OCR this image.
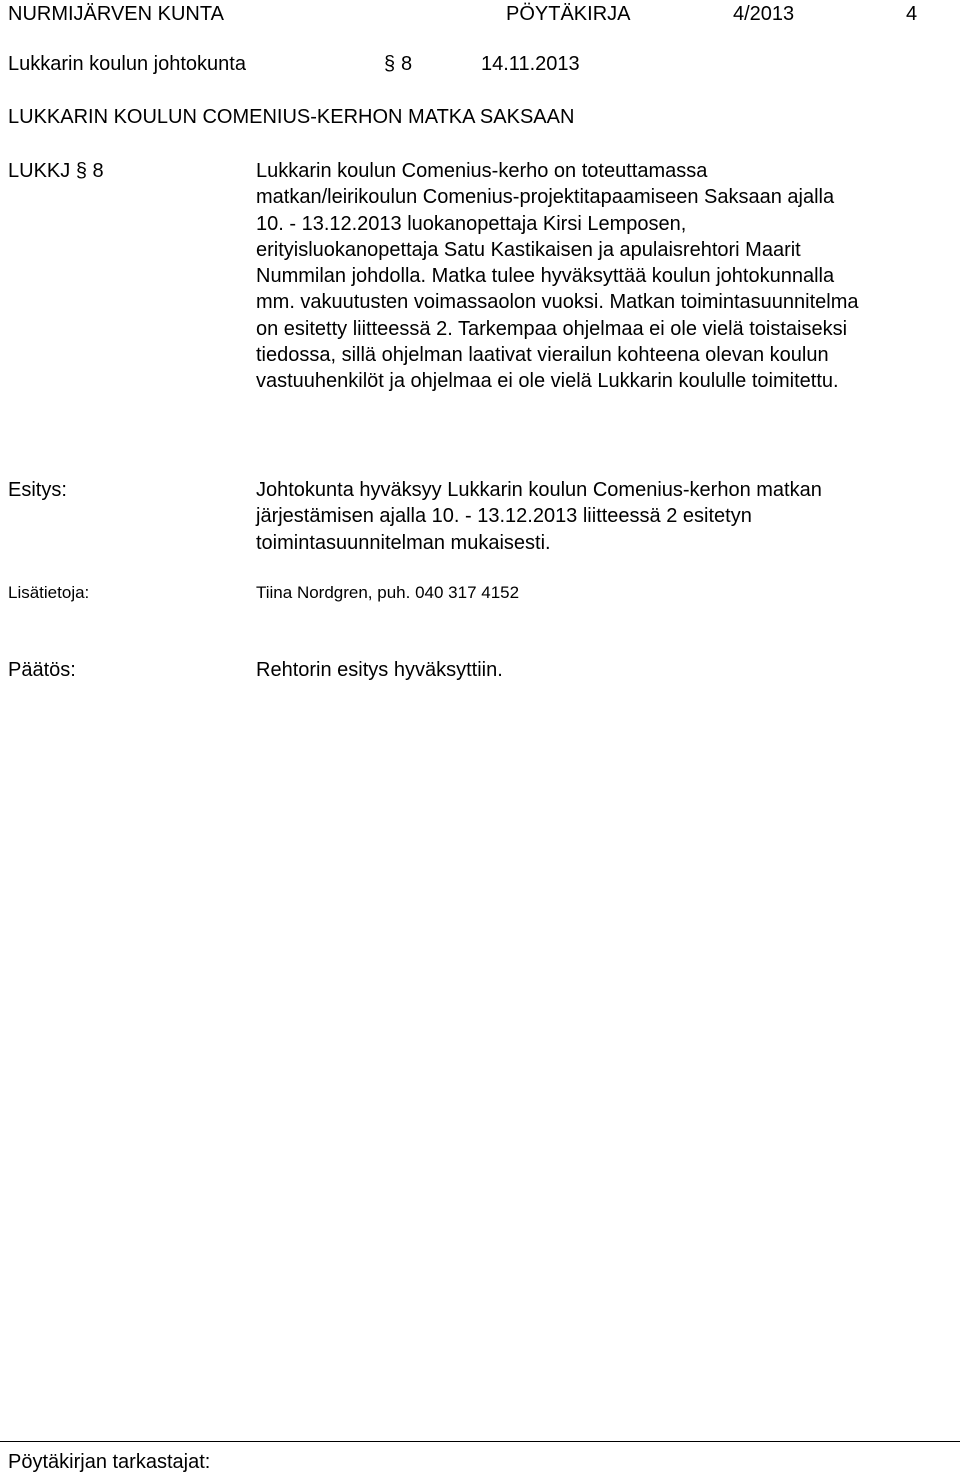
NURMIJÄRVEN KUNTA	PÖYTÄKIRJA	4/2013	4
Lukkarin koulun johtokunta	§ 8	14.11.2013
LUKKARIN KOULUN COMENIUS-KERHON MATKA SAKSAAN
LUKKJ § 8	Lukkarin koulun Comenius-kerho on toteuttamassa
matkan/leirikoulun Comenius-projektitapaamiseen Saksaan ajalla
10. - 13.12.2013 luokanopettaja Kirsi Lemposen,
erityisluokanopettaja Satu Kastikaisen ja apulaisrehtori Maarit
Nummilan johdolla. Matka tulee hyväksyttää koulun johtokunnalla
mm. vakuutusten voimassaolon vuoksi. Matkan toimintasuunnitelma
on esitetty liitteessä 2. Tarkempaa ohjelmaa ei ole vielä toistaiseksi
tiedossa, sillä ohjelman laativat vierailun kohteena olevan koulun
vastuuhenkilöt ja ohjelmaa ei ole vielä Lukkarin koululle toimitettu.
Esitys:	Johtokunta hyväksyy Lukkarin koulun Comenius-kerhon matkan
järjestämisen ajalla 10. - 13.12.2013 liitteessä 2 esitetyn
toimintasuunnitelman mukaisesti.
Lisätietoja:	Tiina Nordgren, puh. 040 317 4152
Päätös:	Rehtorin esitys hyväksyttiin.
Pöytäkirjan tarkastajat:
